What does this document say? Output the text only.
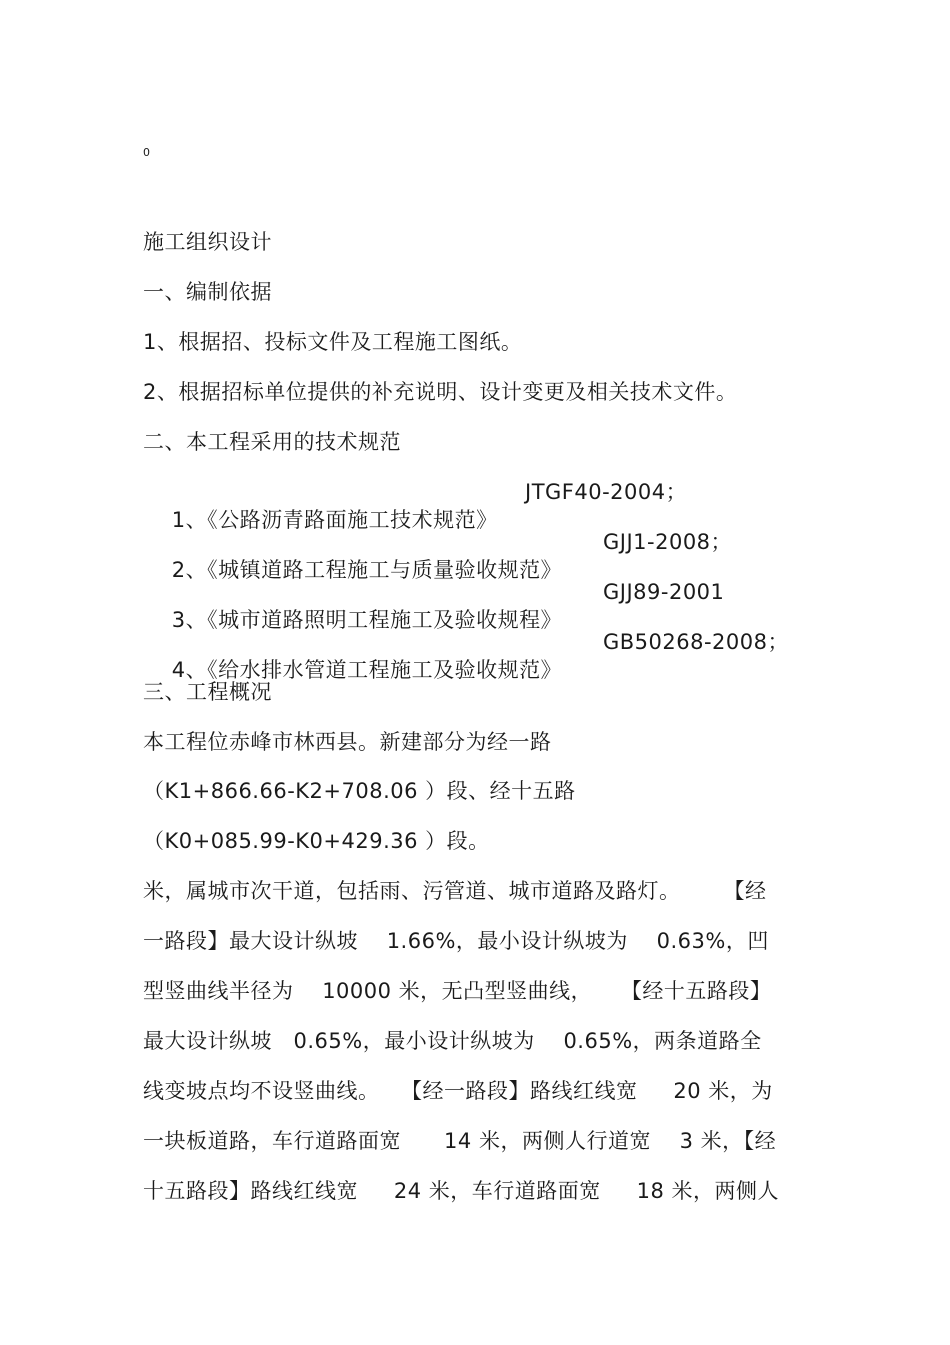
0
施工组织设计
一、编制依据
1、根据招、投标文件及工程施工图纸。
2、根据招标单位提供的补充说明、设计变更及相关技术文件。
二、本工程采用的技术规范

1、《公路沥青路面施工技术规范》

JTGF40-2004；

2、《城镇道路工程施工与质量验收规范》

GJJ1-2008；

3、《城市道路照明工程施工及验收规程》

GJJ89-2001

4、《给水排水管道工程施工及验收规范》

GB50268-2008；

三、工程概况
本工程位赤峰市林西县。新建部分为经一路
（K1+866.66-K2+708.06 ）段、经十五路
（K0+085.99-K0+429.36 ）段。
米，属城市次干道，包括雨、污管道、城市道路及路灯。      【经
一路段】最大设计纵坡    1.66%，最小设计纵坡为    0.63%，凹
型竖曲线半径为    10000 米，无凸型竖曲线，    【经十五路段】
最大设计纵坡   0.65%，最小设计纵坡为    0.65%，两条道路全
线变坡点均不设竖曲线。   【经一路段】路线红线宽     20 米，为
一块板道路，车行道路面宽      14 米，两侧人行道宽    3 米，【经
十五路段】路线红线宽     24 米，车行道路面宽     18 米，两侧人
